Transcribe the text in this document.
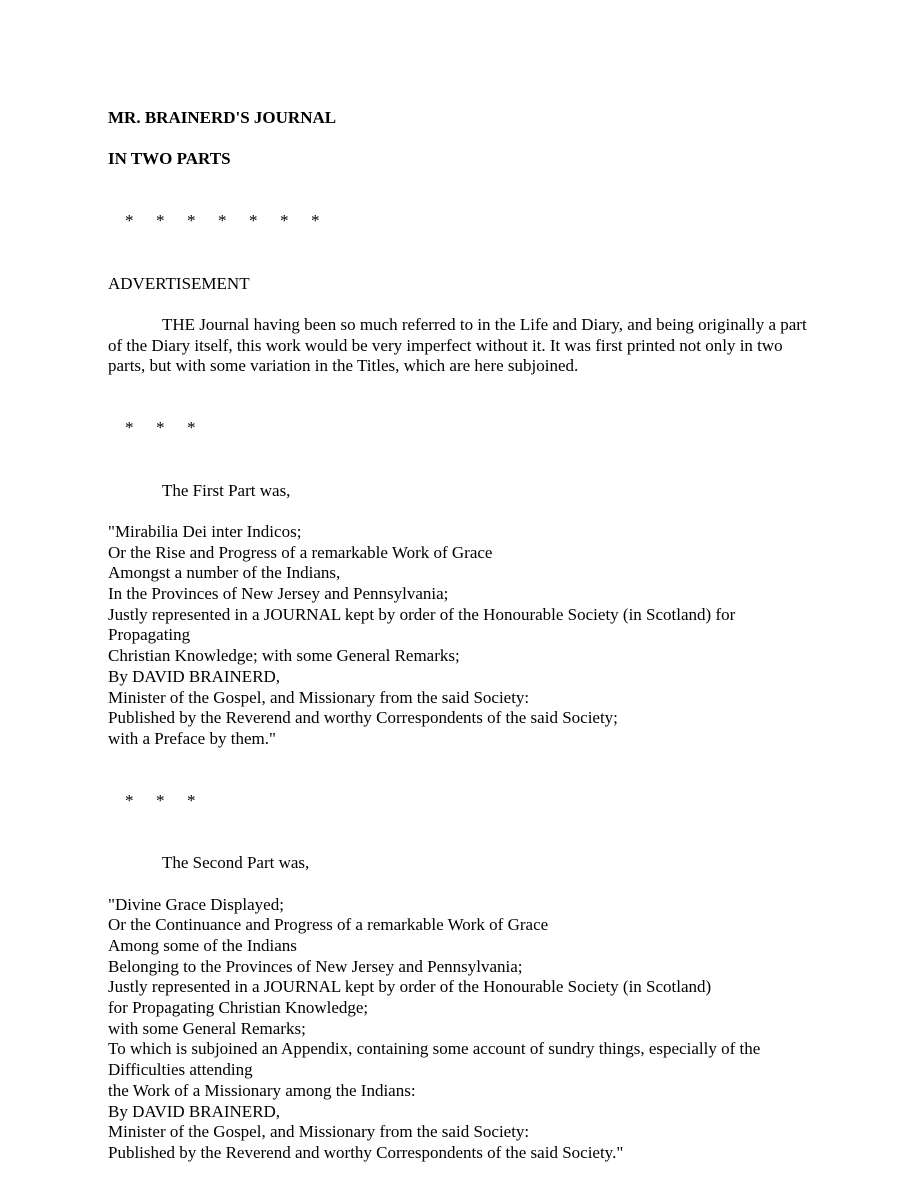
MR. BRAINERD'S JOURNAL
IN TWO PARTS

* * * * * * *

ADVERTISEMENT
THE Journal having been so much referred to in the Life and Diary, and being originally a part of the Diary itself, this work would be very imperfect without it. It was first printed not only in two parts, but with some variation in the Titles, which are here subjoined.

* * *

The First Part was,
"Mirabilia Dei inter Indicos;
Or the Rise and Progress of a remarkable Work of Grace
Amongst a number of the Indians,
In the Provinces of New Jersey and Pennsylvania;
Justly represented in a JOURNAL kept by order of the Honourable Society (in Scotland) for
Propagating
Christian Knowledge; with some General Remarks;
By DAVID BRAINERD,
Minister of the Gospel, and Missionary from the said Society:
Published by the Reverend and worthy Correspondents of the said Society;
with a Preface by them."

* * *

The Second Part was,
"Divine Grace Displayed;
Or the Continuance and Progress of a remarkable Work of Grace
Among some of the Indians
Belonging to the Provinces of New Jersey and Pennsylvania;
Justly represented in a JOURNAL kept by order of the Honourable Society (in Scotland)
for Propagating Christian Knowledge;
with some General Remarks;
To which is subjoined an Appendix, containing some account of sundry things, especially of the
Difficulties attending
the Work of a Missionary among the Indians:
By DAVID BRAINERD,
Minister of the Gospel, and Missionary from the said Society:
Published by the Reverend and worthy Correspondents of the said Society."
